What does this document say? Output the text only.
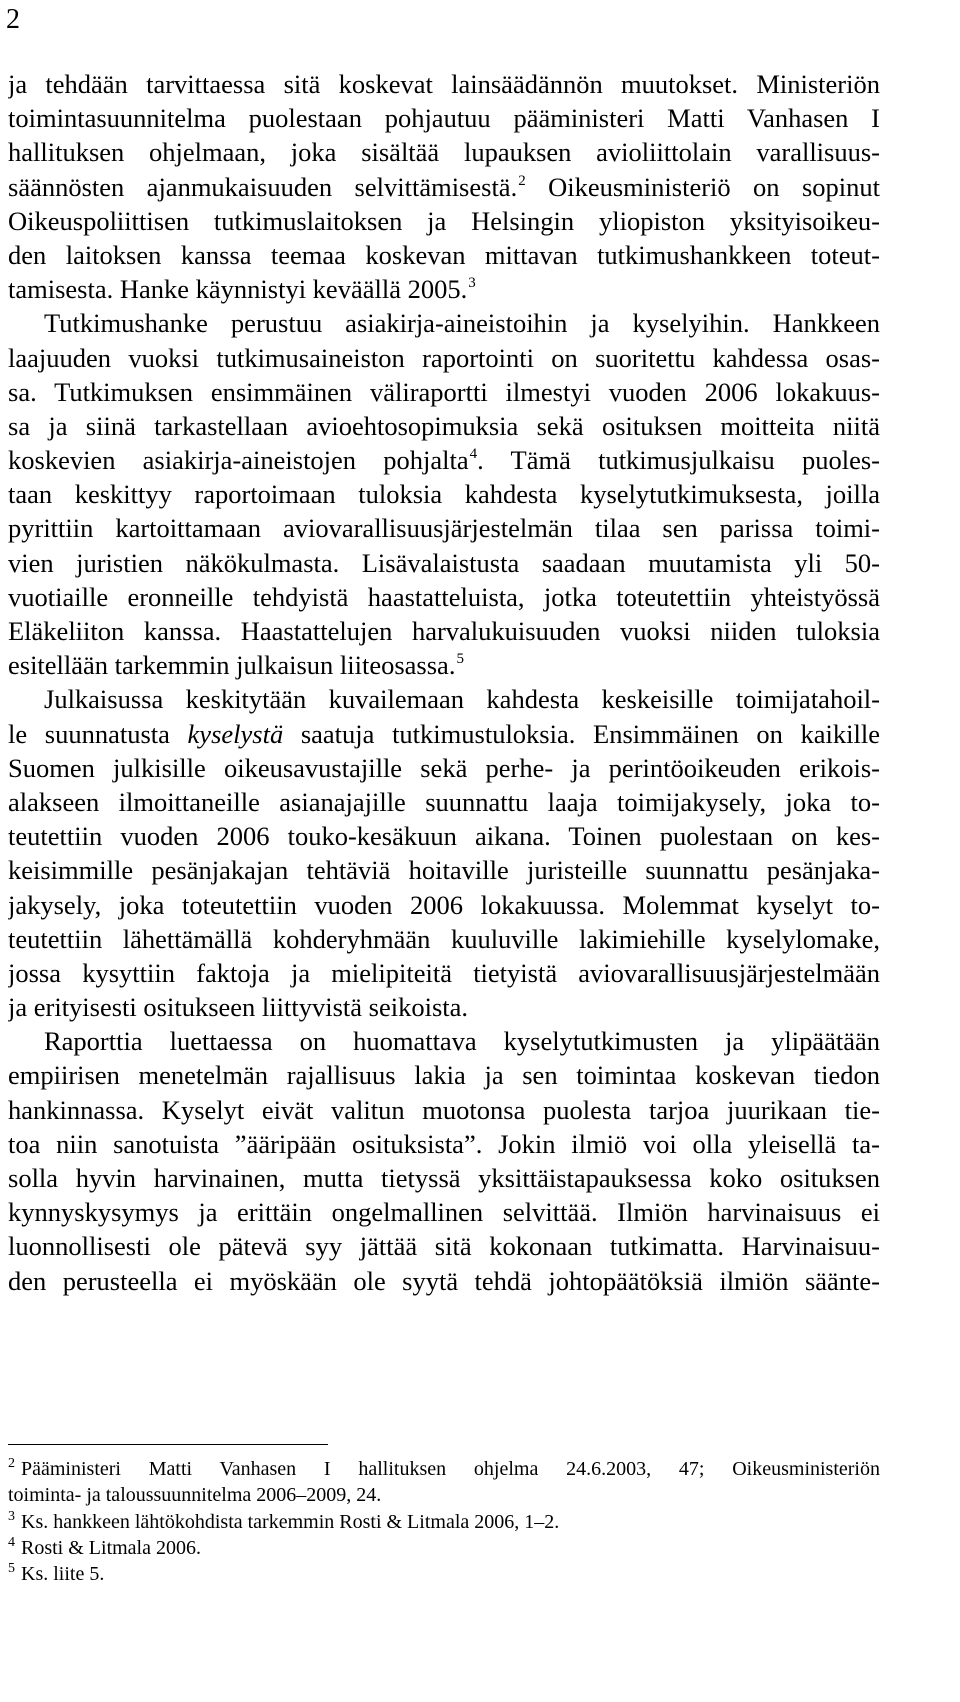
2
ja tehdään tarvittaessa sitä koskevat lainsäädännön muutokset. Ministeriön
toimintasuunnitelma puolestaan pohjautuu pääministeri Matti Vanhasen I
hallituksen ohjelmaan, joka sisältää lupauksen avioliittolain varallisuus-
säännösten ajanmukaisuuden selvittämisestä.$^2$ Oikeusministeriö on sopinut
Oikeuspoliittisen tutkimuslaitoksen ja Helsingin yliopiston yksityisoikeu-
den laitoksen kanssa teemaa koskevan mittavan tutkimushankkeen toteut-
tamisesta. Hanke käynnistyi keväällä 2005.$^3$
Tutkimushanke perustuu asiakirja-aineistoihin ja kyselyihin. Hankkeen
laajuuden vuoksi tutkimusaineiston raportointi on suoritettu kahdessa osas-
sa. Tutkimuksen ensimmäinen väliraportti ilmestyi vuoden 2006 lokakuus-
sa ja siinä tarkastellaan avioehtosopimuksia sekä osituksen moitteita niitä
koskevien asiakirja-aineistojen pohjalta$^4$. Tämä tutkimusjulkaisu puoles-
taan keskittyy raportoimaan tuloksia kahdesta kyselytutkimuksesta, joilla
pyrittiin kartoittamaan aviovarallisuusjärjestelmän tilaa sen parissa toimi-
vien juristien näkökulmasta. Lisävalaistusta saadaan muutamista yli 50-
vuotiaille eronneille tehdyistä haastatteluista, jotka toteutettiin yhteistyössä
Eläkeliiton kanssa. Haastattelujen harvalukuisuuden vuoksi niiden tuloksia
esitellään tarkemmin julkaisun liiteosassa.$^5$
Julkaisussa keskitytään kuvailemaan kahdesta keskeisille toimijatahoil-
le suunnatusta kyselystä saatuja tutkimustuloksia. Ensimmäinen on kaikille
Suomen julkisille oikeusavustajille sekä perhe- ja perintöoikeuden erikois-
alakseen ilmoittaneille asianajajille suunnattu laaja toimijakysely, joka to-
teutettiin vuoden 2006 touko-kesäkuun aikana. Toinen puolestaan on kes-
keisimmille pesänjakajan tehtäviä hoitaville juristeille suunnattu pesänjaka-
jakysely, joka toteutettiin vuoden 2006 lokakuussa. Molemmat kyselyt to-
teutettiin lähettämällä kohderyhmään kuuluville lakimiehille kyselylomake,
jossa kysyttiin faktoja ja mielipiteitä tietyistä aviovarallisuusjärjestelmään
ja erityisesti ositukseen liittyvistä seikoista.
Raporttia luettaessa on huomattava kyselytutkimusten ja ylipäätään
empiirisen menetelmän rajallisuus lakia ja sen toimintaa koskevan tiedon
hankinnassa. Kyselyt eivät valitun muotonsa puolesta tarjoa juurikaan tie-
toa niin sanotuista ”ääripään osituksista”. Jokin ilmiö voi olla yleisellä ta-
solla hyvin harvinainen, mutta tietyssä yksittäistapauksessa koko osituksen
kynnyskysymys ja erittäin ongelmallinen selvittää. Ilmiön harvinaisuus ei
luonnollisesti ole pätevä syy jättää sitä kokonaan tutkimatta. Harvinaisuu-
den perusteella ei myöskään ole syytä tehdä johtopäätöksiä ilmiön säänte-
$^2$ Pääministeri Matti Vanhasen I hallituksen ohjelma 24.6.2003, 47; Oikeusministeriön
toiminta- ja taloussuunnitelma 2006–2009, 24.
$^3$ Ks. hankkeen lähtökohdista tarkemmin Rosti & Litmala 2006, 1–2.
$^4$ Rosti & Litmala 2006.
$^5$ Ks. liite 5.
